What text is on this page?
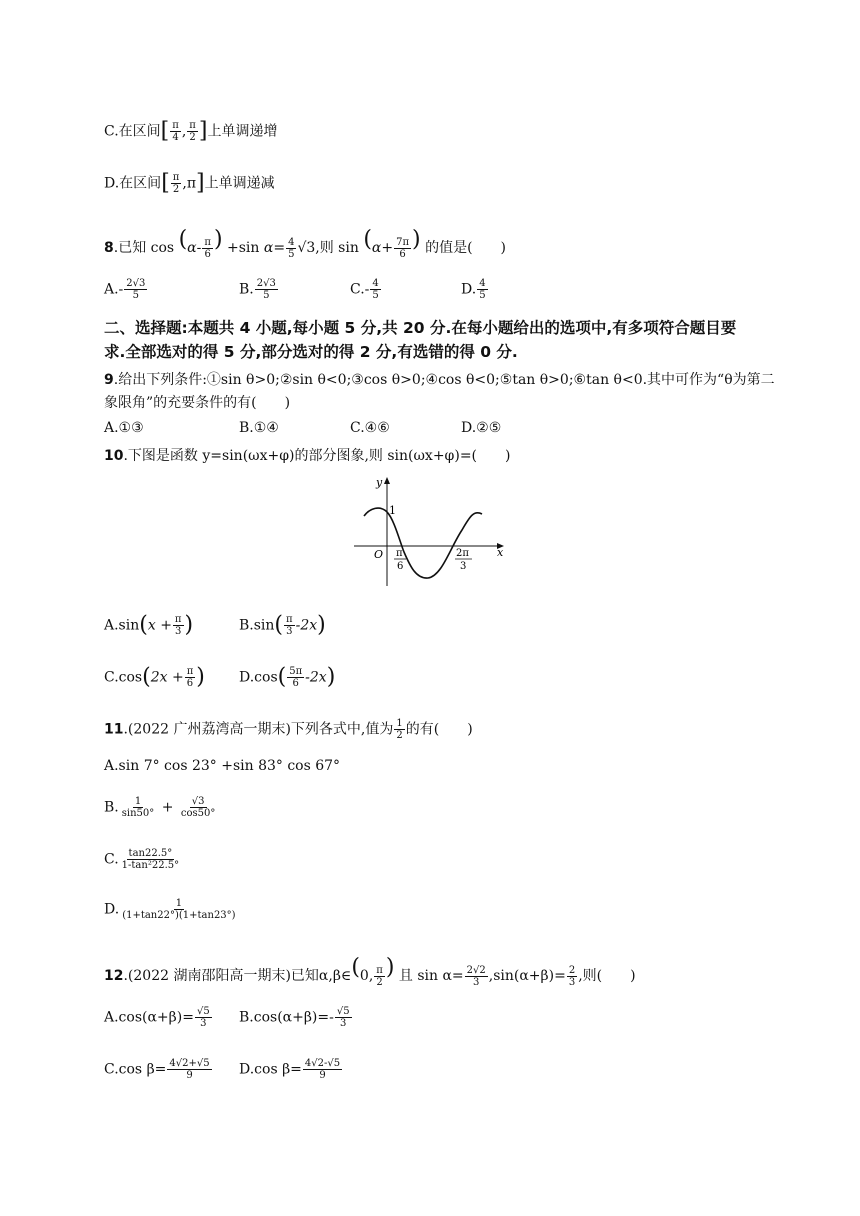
C.在区间[ $\frac{\pi}{4}$ , $\frac{\pi}{2}$ ]上单调递增
D.在区间[ $\frac{\pi}{2} ,\pi$]上单调递减
8.已知 $\cos (\alpha- \frac{\pi}{6}$ ) +sin $\alpha= \frac{4}{5} √3$,则 $\sin (\alpha+ \frac{7\pi}{6}$ ) 的值是(　　)
$A.- \frac{2√3}{5}$	B. $\frac{2√3}{5}$	$C.- \frac{4}{5}$	D. $\frac{4}{5}$
二、选择题:本题共 4 小题,每小题 5 分,共 20 分.在每小题给出的选项中,有多项符合题目要
求.全部选对的得 5 分,部分选对的得 2 分,有选错的得 0 分.
9.给出下列条件:①sin θ>0;②sin θ<0;③cos θ>0;④cos θ<0;⑤tan θ>0;⑥tan θ<0.其中可作为“θ为第二
象限角”的充要条件的有(　　)
A.①③	B.①④	C.④⑥	D.②⑤
10.下图是函数 y=sin(ωx+φ)的部分图象,则 sin(ωx+φ)=(　　)
y
x
O
1
π
6
2π
3
$A.\sin(x + \frac{\pi}{3}$ )	$B.\sin( \frac{\pi}{3} -2x)$
$C.\cos(2x + \frac{\pi}{6}$ ) $D.\cos( \frac{5\pi}{6} -2x)$
11.(2022 广州荔湾高一期末)下列各式中,值为 $\frac{1}{2}$ 的有(　　)
A.sin 7° cos 23° +sin 83° cos 67°
B. $\frac{1}{\sin 50^\circ} + \frac{√3}{\cos 50^\circ}$
C. $\frac{\tan 22.5^\circ}{\text{1-tan²22.5°}}$
D. $\frac{1}{(1+\tan 22^\circ)(1+\tan 23^\circ)}$
12.(2022 湖南邵阳高一期末)已知α,β∈(0, $\frac{\pi}{2}$ ) 且 $\sin \alpha= \frac{2√2}{3} ,\sin(\alpha+\beta)= \frac{2}{3}$ ,则(　　)
$A.\cos(\alpha+\beta)= \frac{√5}{3} B.\cos(\alpha+\beta)=- \frac{√5}{3}$
C.cos $\beta= \frac{4√2+√5}{9} D.\cos$ $\beta= \frac{4√2-√5}{9}$
